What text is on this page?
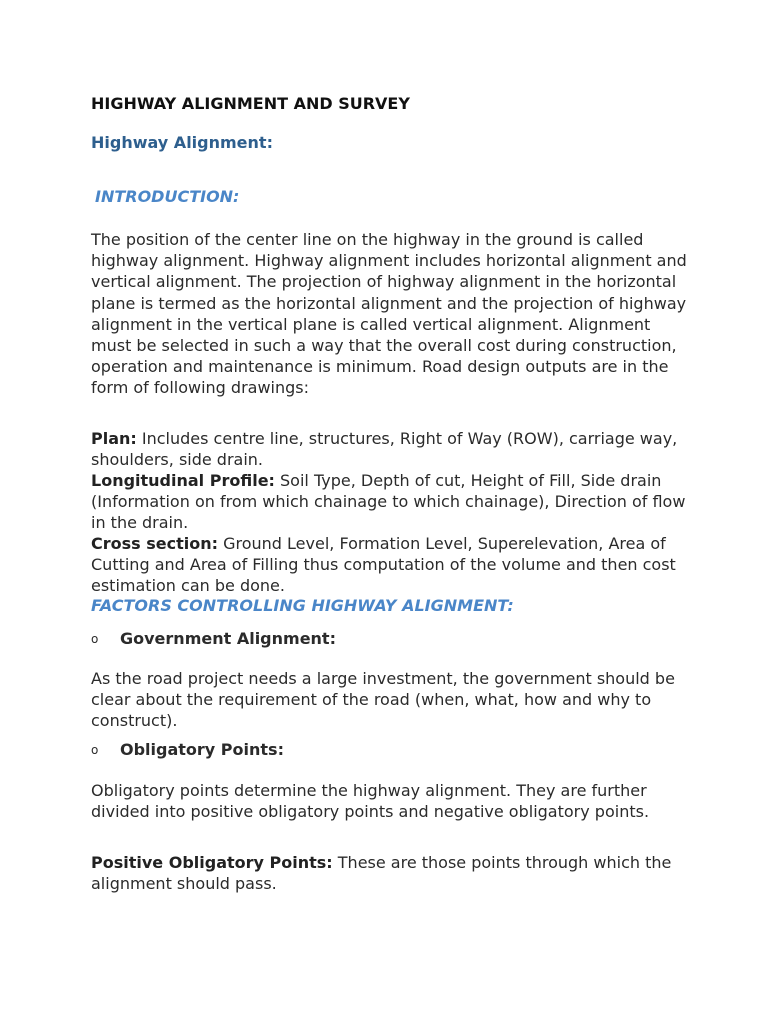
HIGHWAY ALIGNMENT AND SURVEY
Highway Alignment:
INTRODUCTION:

The position of the center line on the highway in the ground is called highway alignment. Highway alignment includes horizontal alignment and vertical alignment. The projection of highway alignment in the horizontal plane is termed as the horizontal alignment and the projection of highway alignment in the vertical plane is called vertical alignment. Alignment must be selected in such a way that the overall cost during construction, operation and maintenance is minimum. Road design outputs are in the form of following drawings:

Plan: Includes centre line, structures, Right of Way (ROW), carriage way, shoulders, side drain.

Longitudinal Profile: Soil Type, Depth of cut, Height of Fill, Side drain (Information on from which chainage to which chainage), Direction of flow in the drain.

Cross section: Ground Level, Formation Level, Superelevation, Area of Cutting and Area of Filling thus computation of the volume and then cost estimation can be done.

FACTORS CONTROLLING HIGHWAY ALIGNMENT:
o Government Alignment:

As the road project needs a large investment, the government should be clear about the requirement of the road (when, what, how and why to construct).

o Obligatory Points:

Obligatory points determine the highway alignment. They are further divided into positive obligatory points and negative obligatory points.

Positive Obligatory Points: These are those points through which the alignment should pass.
